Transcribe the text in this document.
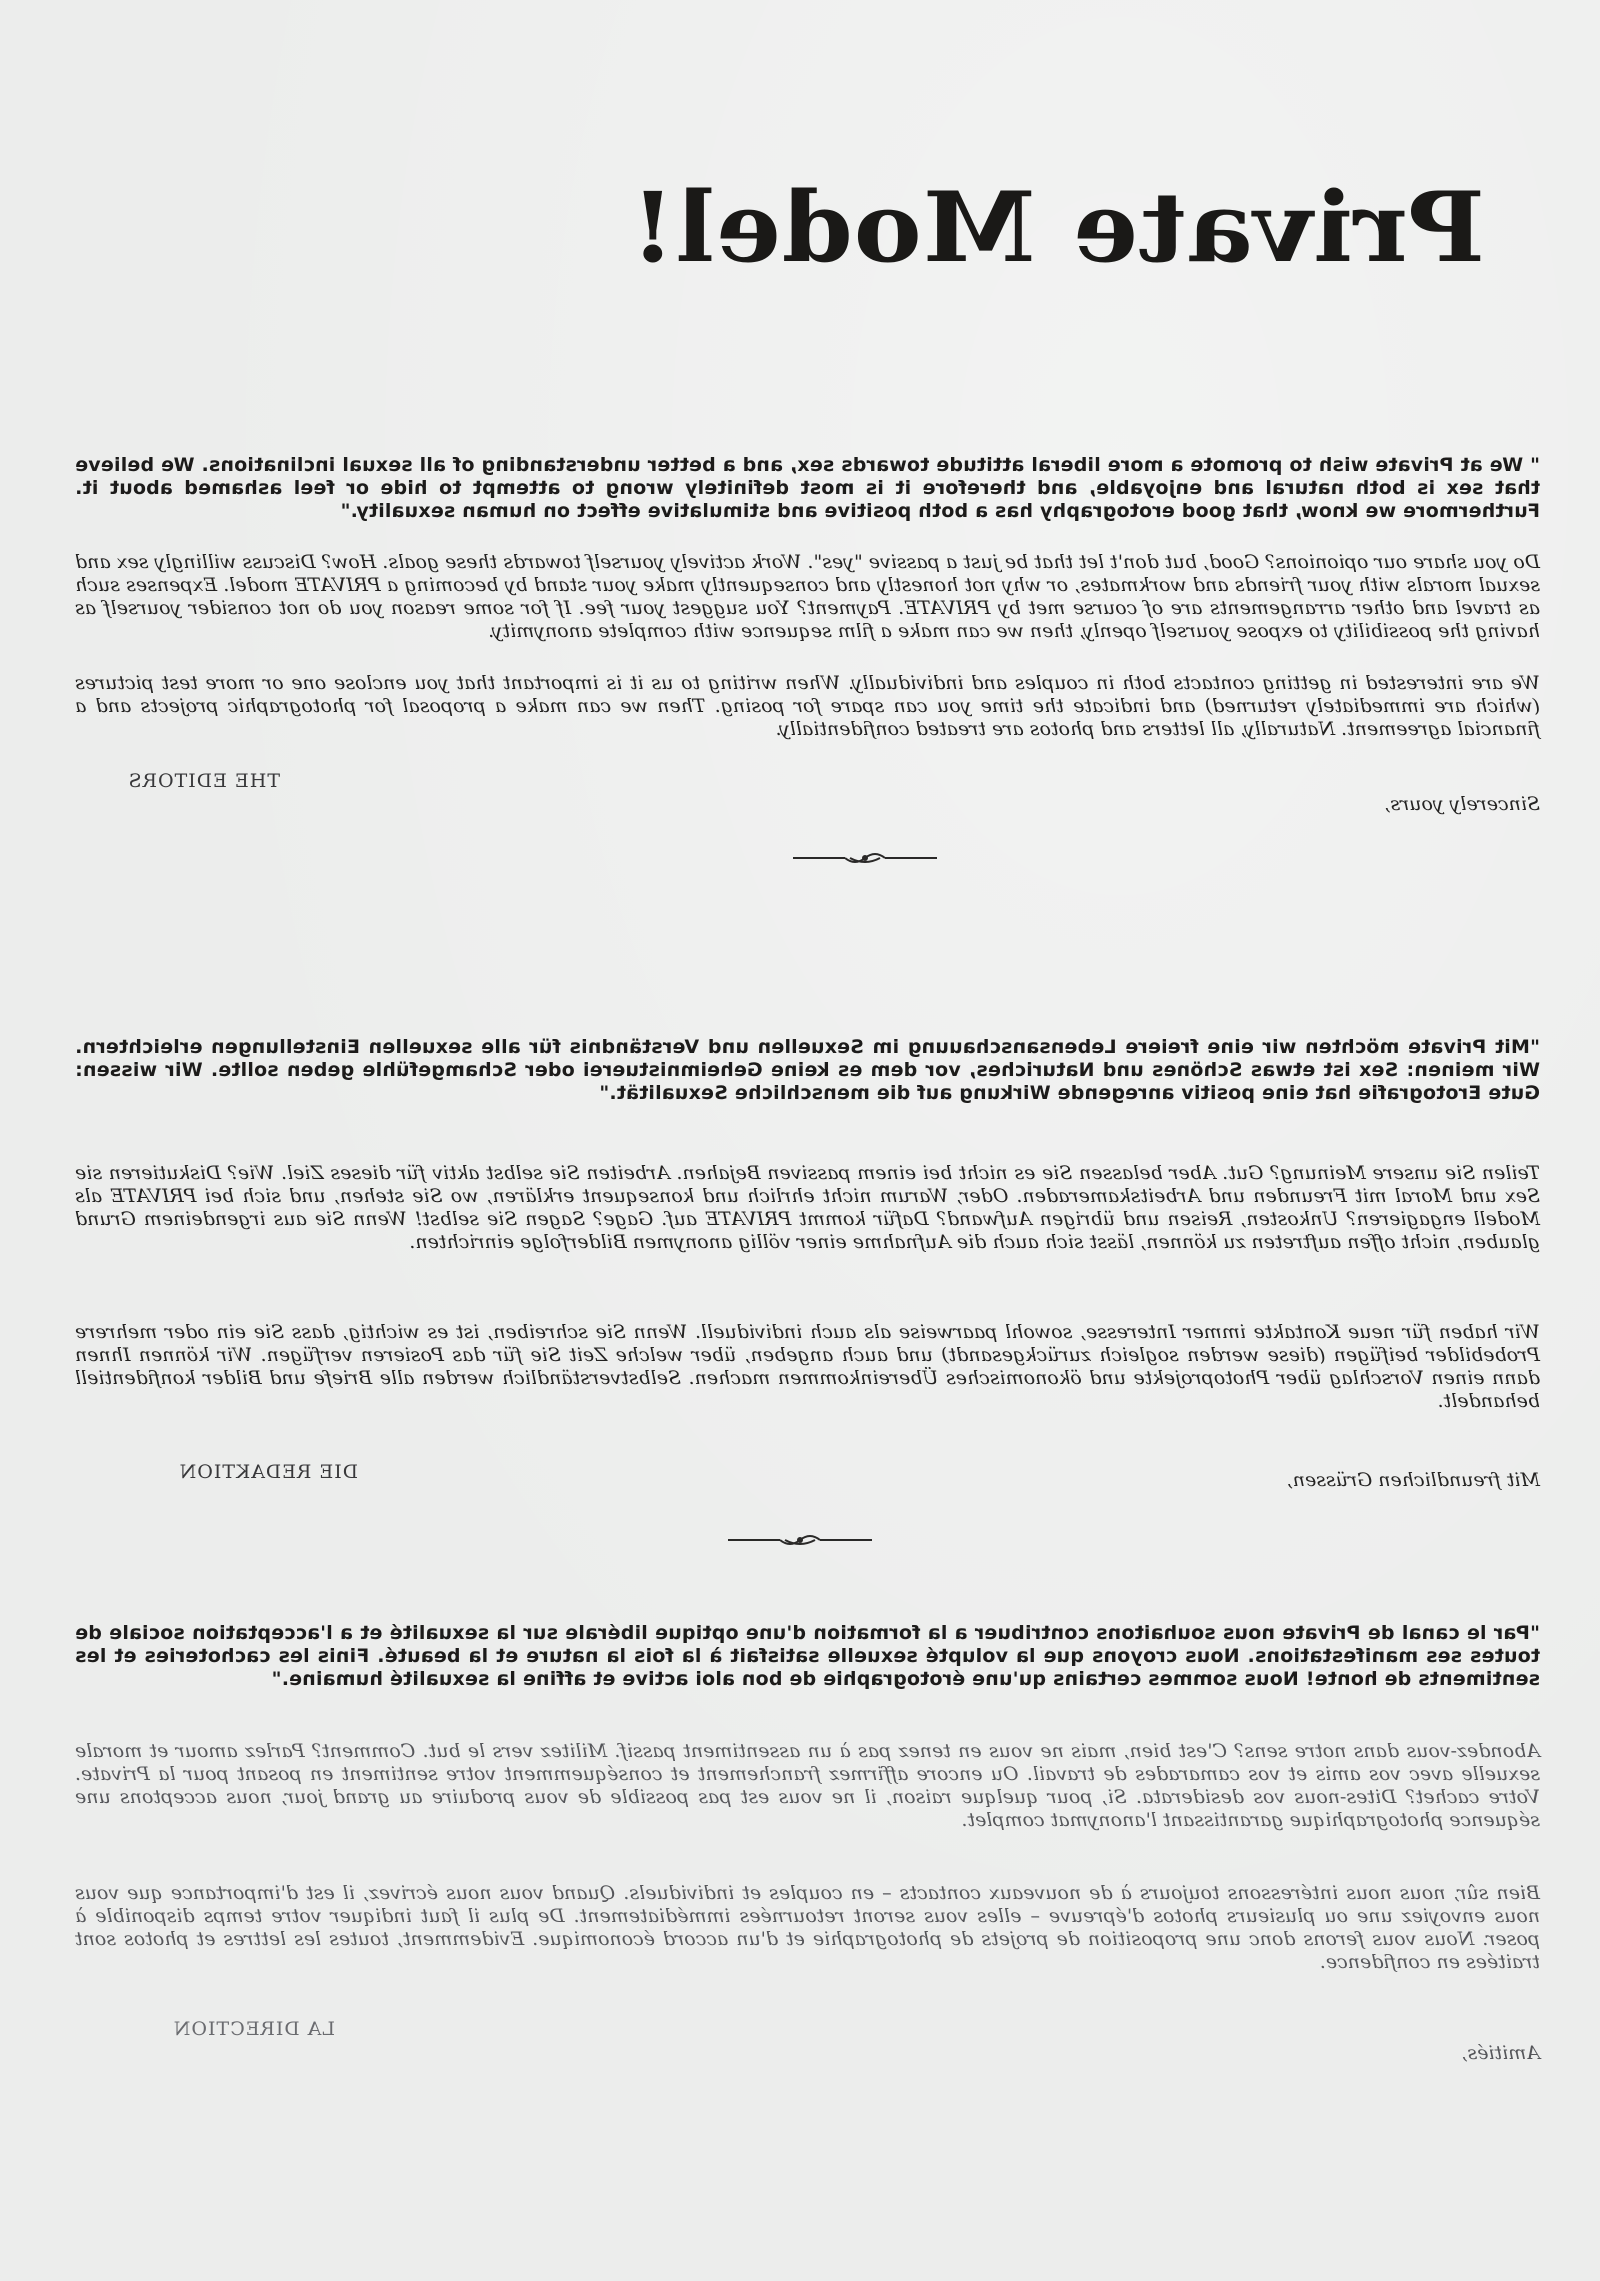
Private Model!

" We at Private wish to promote a more liberal attitude towards sex, and a better understanding of all sexual inclinations. We believe that sex is both natural and enjoyable, and therefore it is most definitely wrong to attempt to hide or feel ashamed about it. Furthermore we know, that good erotography has a both positive and stimulative effect on human sexuality."

Do you share our opionions? Good, but don't let that be just a passive "yes". Work actively yourself towards these goals. How? Discuss willingly sex and sexual morals with your friends and workmates, or why not honestly and consequently make your stand by becoming a PRIVATE model. Expenses such as travel and other arrangements are of course met by PRIVATE. Payment? You suggest your fee. If for some reason you do not consider yourself as having the possibility to expose yourself openly, then we can make a film sequence with complete anonymity.

We are interested in getting contacts both in couples and individually. When writing to us it is important that you enclose one or more test pictures (which are immediately returned) and indicate the time you can spare for posing. Then we can make a proposal for photographic projects and a financial agreement. Naturally, all letters and photos are treated confidentially.

THE EDITORS

Sincerely yours,

"Mit Private möchten wir eine freiere Lebensanschauung im Sexuellen und Verständnis für alle sexuellen Einstellungen erleichtern. Wir meinen: Sex ist etwas Schönes und Naturiches, vor dem es keine Geheimnistuerei oder Schamgefühle geben sollte. Wir wissen: Gute Erotografie hat eine positiv anregende Wirkung auf die menschliche Sexualität."

Teilen Sie unsere Meinung? Gut. Aber belassen Sie es nicht bei einem passiven Bejahen. Arbeiten Sie selbst aktiv für dieses Ziel. Wie? Diskutieren sie Sex und Moral mit Freunden und Arbeitskameraden. Oder, Warum nicht ehrlich und konsequent erklären, wo Sie stehen, und sich bei PRIVATE als Modell engagieren? Unkosten, Reisen und übrigen Aufwand? Dafür kommt PRIVATE auf. Gage? Sagen Sie selbst! Wenn Sie aus irgendeinem Grund glauben, nicht offen auftreten zu können, lässt sich auch die Aufnahme einer völlig anonymen Bilderfolge einrichten.

Wir haben für neue Kontakte immer Interesse, sowohl paarweise als auch individuell. Wenn Sie schreiben, ist es wichtig, dass Sie ein oder mehrere Probebilder beifügen (diese werden sogleich zurückgesandt) und auch angeben, über welche Zeit Sie für das Posieren verfügen. Wir können Ihnen dann einen Vorschlag über Photoprojekte und ökonomisches Übereinkommen machen. Selbstverständlich werden alle Briefe und Bilder konfidentiell behandelt.

DIE REDAKTION	Mit freundlichen Grüssen,

"Par le canal de Private nous souhaitons contribuer a la formation d'une optique libérale sur la sexualité et a l'acceptation sociale de toutes ses manifestations. Nous croyons que la volupté sexuelle satisfait à la fois la nature et la beauté. Finis les cachoteries et les sentiments de honte! Nous sommes certains qu'une érotographie de bon aloi active et affine la sexualité humaine."

Abondez-vous dans notre sens? C'est bien, mais ne vous en tenez pas à un assentiment passif. Militez vers le but. Comment? Parlez amour et morale sexuelle avec vos amis et vos camarades de travail. Ou encore affirmez franchement et conséquemment votre sentiment en posant pour la Private. Votre cachet? Dites-nous vos desiderata. Si, pour quelque raison, il ne vous est pas possible de vous produire au grand jour, nous acceptons une séquence photographique garantissant l'anonymat complet.

Bien sûr, nous nous intéressons toujours à de nouveaux contacts – en couples et individuels. Quand vous nous écrivez, il est d'importance que vous nous envoyiez une ou plusieurs photos d'épreuve – elles vous seront retournées immédiatement. De plus il faut indiquer votre temps disponible à poser. Nous vous ferons donc une proposition de projets de photographie et d'un accord économique. Evidemment, toutes les lettres et photos sont traitées en confidence.

LA DIRECTION

Amitiés,
